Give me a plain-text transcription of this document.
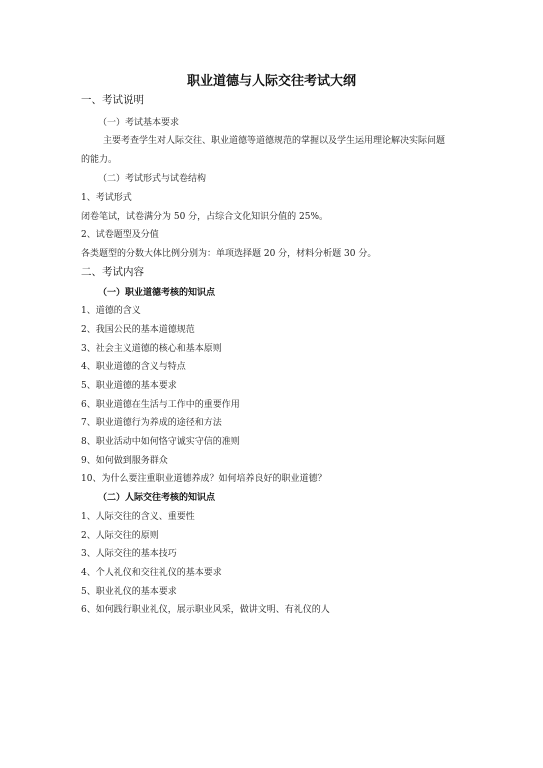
职业道德与人际交往考试大纲
一、考试说明
（一）考试基本要求
主要考查学生对人际交往、职业道德等道德规范的掌握以及学生运用理论解决实际问题
的能力。
（二）考试形式与试卷结构
1、考试形式
闭卷笔试，试卷满分为 50 分，占综合文化知识分值的 25%。
2、试卷题型及分值
各类题型的分数大体比例分别为：单项选择题 20 分，材料分析题 30 分。
二、考试内容
（一）职业道德考核的知识点
1、道德的含义
2、我国公民的基本道德规范
3、社会主义道德的核心和基本原则
4、职业道德的含义与特点
5、职业道德的基本要求
6、职业道德在生活与工作中的重要作用
7、职业道德行为养成的途径和方法
8、职业活动中如何恪守诚实守信的准则
9、如何做到服务群众
10、为什么要注重职业道德养成？如何培养良好的职业道德？
（二）人际交往考核的知识点
1、人际交往的含义、重要性
2、人际交往的原则
3、人际交往的基本技巧
4、个人礼仪和交往礼仪的基本要求
5、职业礼仪的基本要求
6、如何践行职业礼仪，展示职业风采，做讲文明、有礼仪的人
